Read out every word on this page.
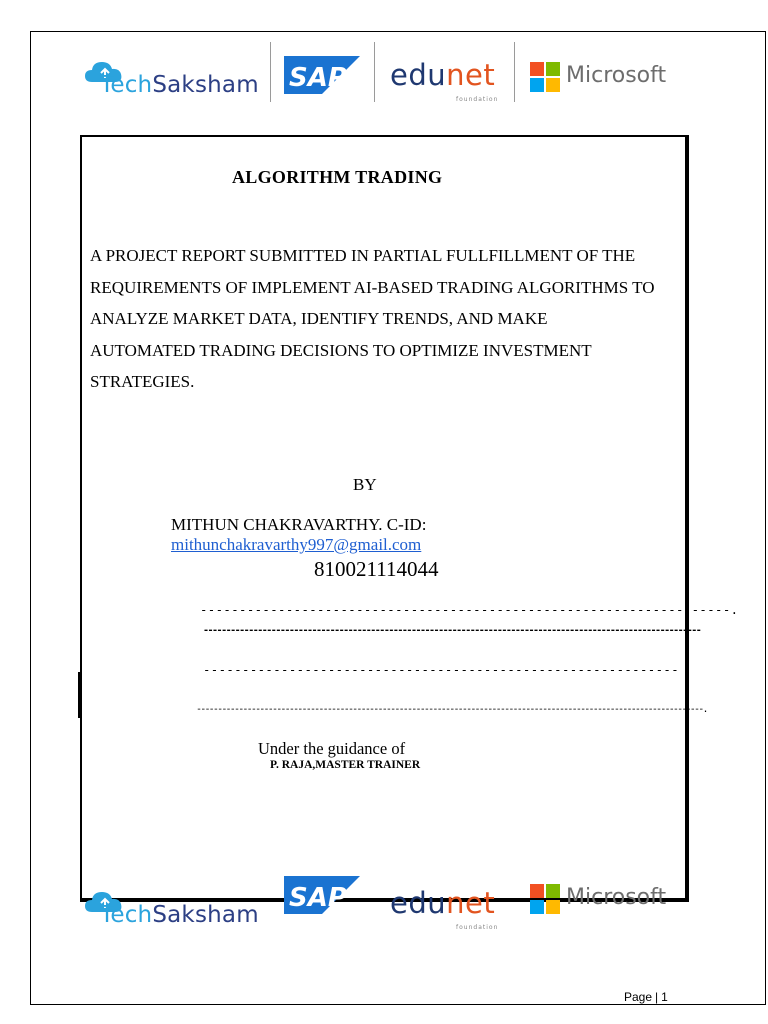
TechSaksham SAP edunet
foundation
Microsoft
ALGORITHM TRADING
A PROJECT REPORT SUBMITTED IN PARTIAL FULLFILLMENT OF THE
REQUIREMENTS OF IMPLEMENT AI-BASED TRADING ALGORITHMS TO
ANALYZE MARKET DATA, IDENTIFY TRENDS, AND MAKE
AUTOMATED TRADING DECISIONS TO OPTIMIZE INVESTMENT
STRATEGIES.
BY
MITHUN CHAKRAVARTHY. C-ID:
mithunchakravarthy997@gmail.com
810021114044
--------------------------------------------------------------------.
--------------------------------------------------------------------------------------------------------------
-------------------------------------------------------------
------------------------------------------------------------------------------------------------------------------------.
Under the guidance of
P. RAJA,MASTER TRAINER
TechSaksham
SAP edunet
foundation
Microsoft
Page | 1
